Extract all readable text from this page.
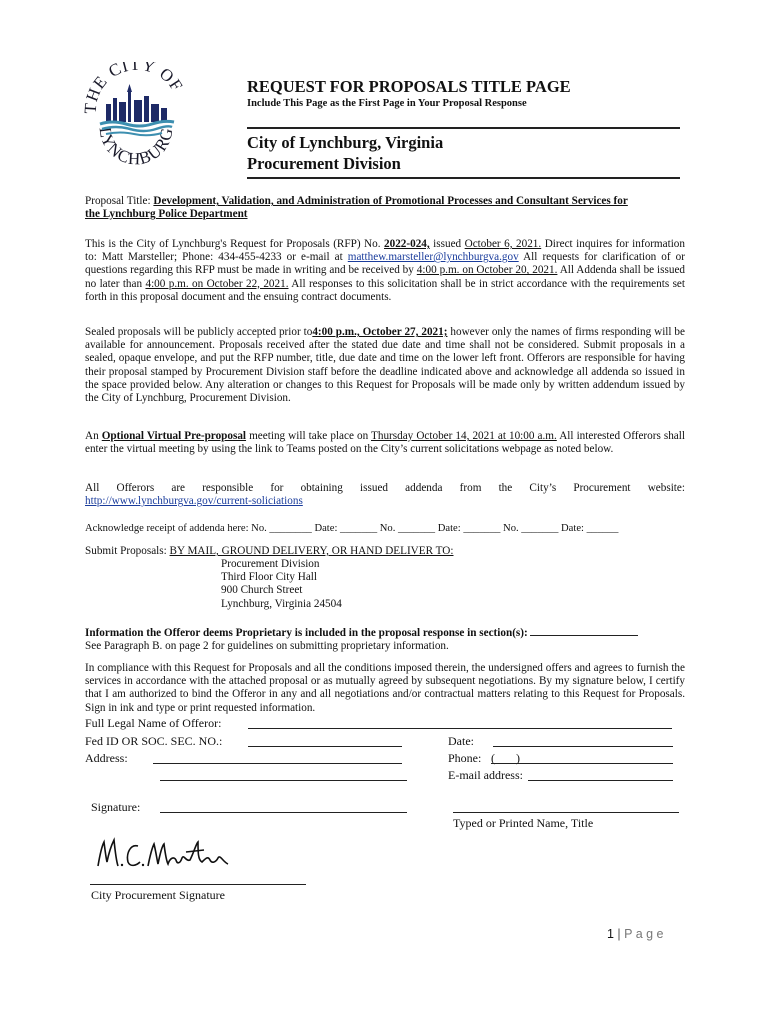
THE CITY OF
LYNCHBURG
REQUEST FOR PROPOSALS TITLE PAGE
Include This Page as the First Page in Your Proposal Response
City of Lynchburg, Virginia
Procurement Division
Proposal Title: Development, Validation, and Administration of Promotional Processes and Consultant Services for
the Lynchburg Police Department
This is the City of Lynchburg's Request for Proposals (RFP) No. 2022-024, issued October 6, 2021. Direct inquires for information to: Matt Marsteller; Phone: 434-455-4233 or e-mail at matthew.marsteller@lynchburgva.gov All requests for clarification of or questions regarding this RFP must be made in writing and be received by 4:00 p.m. on October 20, 2021. All Addenda shall be issued no later than 4:00 p.m. on October 22, 2021. All responses to this solicitation shall be in strict accordance with the requirements set forth in this proposal document and the ensuing contract documents.
Sealed proposals will be publicly accepted prior to4:00 p.m., October 27, 2021; however only the names of firms responding will be available for announcement. Proposals received after the stated due date and time shall not be considered. Submit proposals in a sealed, opaque envelope, and put the RFP number, title, due date and time on the lower left front. Offerors are responsible for having their proposal stamped by Procurement Division staff before the deadline indicated above and acknowledge all addenda so issued in the space provided below. Any alteration or changes to this Request for Proposals will be made only by written addendum issued by the City of Lynchburg, Procurement Division.
An Optional Virtual Pre-proposal meeting will take place on Thursday October 14, 2021 at 10:00 a.m. All interested Offerors shall enter the virtual meeting by using the link to Teams posted on the City’s current solicitations webpage as noted below.
All Offerors are responsible for obtaining issued addenda from the City’s Procurement website:
http://www.lynchburgva.gov/current-soliciations
Acknowledge receipt of addenda here: No. ________ Date: _______ No. _______ Date: _______ No. _______ Date: ______
Submit Proposals: BY MAIL, GROUND DELIVERY, OR HAND DELIVER TO:
Procurement Division
Third Floor City Hall
900 Church Street
Lynchburg, Virginia 24504
Information the Offeror deems Proprietary is included in the proposal response in section(s):
See Paragraph B. on page 2 for guidelines on submitting proprietary information.
In compliance with this Request for Proposals and all the conditions imposed therein, the undersigned offers and agrees to furnish the services in accordance with the attached proposal or as mutually agreed by subsequent negotiations. By my signature below, I certify that I am authorized to bind the Offeror in any and all negotiations and/or contractual matters relating to this Request for Proposals. Sign in ink and type or print requested information.
Full Legal Name of Offeror:
Fed ID OR SOC. SEC. NO.:	Date:
Address:	Phone: (       )
E-mail address:
Signature:
Typed or Printed Name, Title
City Procurement Signature

1 | P a g e
